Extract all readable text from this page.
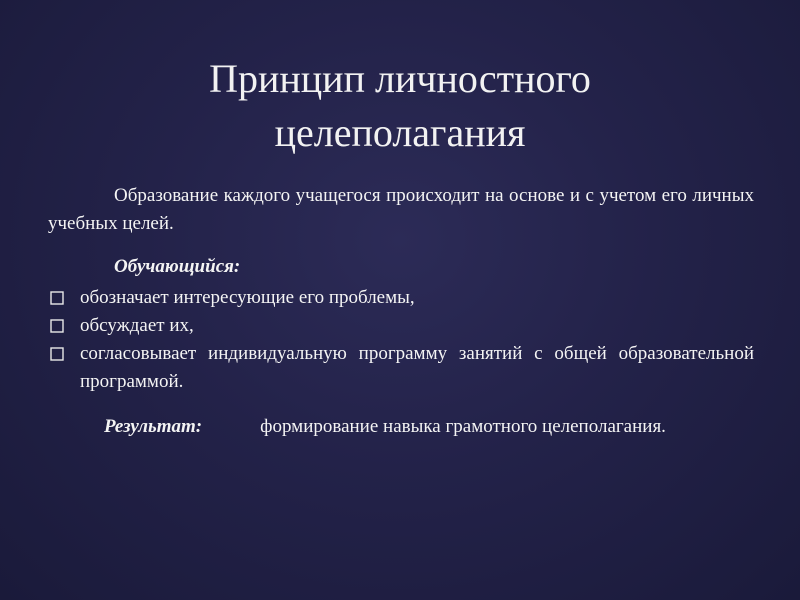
Принцип личностного
целеполагания
Образование каждого учащегося происходит на основе и с учетом его личных учебных целей.
Обучающийся:
обозначает интересующие его проблемы,
обсуждает их,
согласовывает индивидуальную программу занятий с общей образовательной программой.
Результат:	формирование навыка грамотного целеполагания.
